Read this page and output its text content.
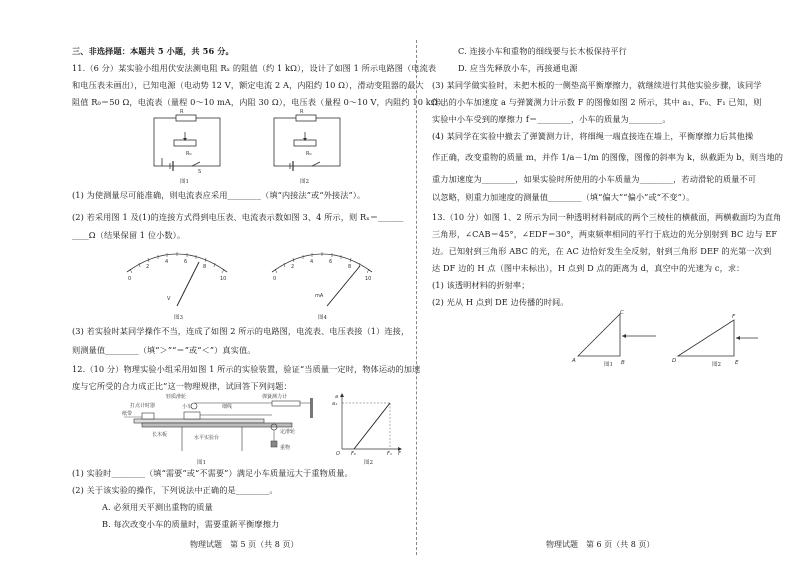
三、非选择题：本题共 5 小题，共 56 分。
11.（6 分）某实验小组用伏安法测电阻 Rₓ 的阻值（约 1 kΩ），设计了如图 1 所示电路图（电流表
和电压表未画出），已知电源（电动势 12 V，额定电流 2 A，内阻约 10 Ω），滑动变阻器的最大
阻值 R₀＝50 Ω，电流表（量程 0～10 mA，内阻 30 Ω），电压表（量程 0～10 V，内阻约 10 kΩ）。
R
R₀
S
图1
R
R₀
图2
(1) 为使测量尽可能准确，则电流表应采用________（填“内接法”或“外接法”）。
(2) 若采用图 1 及(1)的连接方式得到电压表、电流表示数如图 3、4 所示，则 Rₓ＝______
____Ω（结果保留 1 位小数）。
0
2
4	6
8
10
V
图3
0
2
4	6
8
10
mA
图4
(3) 若实验时某同学操作不当，连成了如图 2 所示的电路图，电流表、电压表接（1）连接，
则测量值________（填“＞”“＝”或“＜”）真实值。
12.（10 分）物理实验小组采用如图 1 所示的实验装置，验证“当质量一定时，物体运动的加速
度与它所受的合力成正比”这一物理规律，试回答下列问题：
轻质滑轮
打点计时器	小车	细线
弹簧测力计
纸带
长木板	水平实验台
定滑轮
重物
图1
a
a₁
F
F₀	F₁
O
图2
(1) 实验时________（填“需要”或“不需要”）满足小车质量远大于重物质量。
(2) 关于该实验的操作，下列说法中正确的是________。
A. 必须用天平测出重物的质量
B. 每次改变小车的质量时，需要重新平衡摩擦力
C. 连接小车和重物的细线要与长木板保持平行
D. 应当先释放小车，再接通电源
(3) 某同学做实验时，未把木板的一侧垫高平衡摩擦力，就继续进行其他实验步骤，该同学
作出的小车加速度 a 与弹簧测力计示数 F 的图像如图 2 所示，其中 a₁、F₀、F₁ 已知，则
实验中小车受到的摩擦力 f＝________，小车的质量为________。
(4) 某同学在实验中撤去了弹簧测力计，将细绳一端直接连在墙上，平衡摩擦力后其他操
作正确，改变重物的质量 m，并作 1/a－1/m 的图像，图像的斜率为 k，纵截距为 b，则当地的
重力加速度为________，如果实验时所使用的小车质量为________，若动滑轮的质量不可
以忽略，则重力加速度的测量值________（填“偏大”“偏小”或“不变”）。
13.（10 分）如图 1、2 所示为同一种透明材料制成的两个三棱柱的横截面，两横截面均为直角
三角形，∠CAB＝45°，∠EDF＝30°，两束频率相同的平行于底边的光分别射到 BC 边与 EF
边。已知射到三角形 ABC 的光，在 AC 边恰好发生全反射，射到三角形 DEF 的光第一次到
达 DF 边的 H 点（图中未标出），H 点到 D 点的距离为 d，真空中的光速为 c，求：
(1) 该透明材料的折射率；
(2) 光从 H 点到 DE 边传播的时间。
A	B
C
图1
D	E
F
图2
物理试题　第 5 页（共 8 页）	物理试题　第 6 页（共 8 页）
